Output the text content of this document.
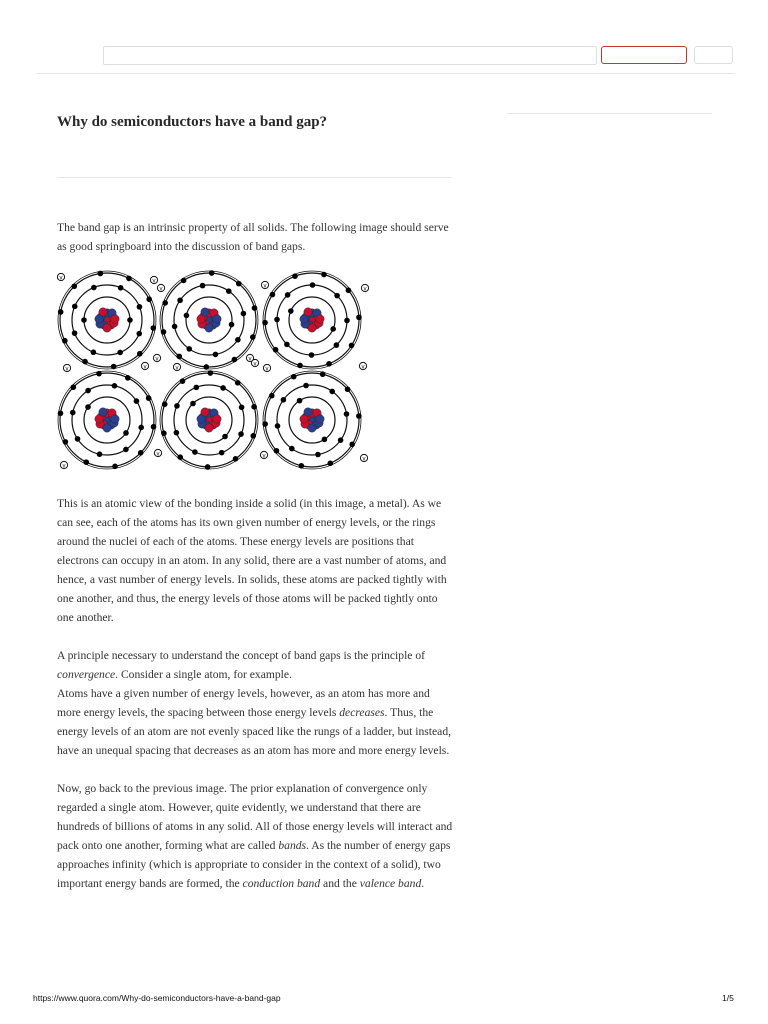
Why do semiconductors have a band gap?

The band gap is an intrinsic property of all solids. The following image should serve as good springboard into the discussion of band gaps.

v	v
v	v	v
v	v	v	v
v	v
v
v	v	v
v
v

This is an atomic view of the bonding inside a solid (in this image, a metal). As we can see, each of the atoms has its own given number of energy levels, or the rings around the nuclei of each of the atoms. These energy levels are positions that electrons can occupy in an atom. In any solid, there are a vast number of atoms, and hence, a vast number of energy levels. In solids, these atoms are packed tightly with one another, and thus, the energy levels of those atoms will be packed tightly onto one another.

A principle necessary to understand the concept of band gaps is the principle of convergence. Consider a single atom, for example.

Atoms have a given number of energy levels, however, as an atom has more and more energy levels, the spacing between those energy levels decreases. Thus, the energy levels of an atom are not evenly spaced like the rungs of a ladder, but instead, have an unequal spacing that decreases as an atom has more and more energy levels.

Now, go back to the previous image. The prior explanation of convergence only regarded a single atom. However, quite evidently, we understand that there are hundreds of billions of atoms in any solid. All of those energy levels will interact and pack onto one another, forming what are called bands. As the number of energy gaps approaches infinity (which is appropriate to consider in the context of a solid), two important energy bands are formed, the conduction band and the valence band.

https://www.quora.com/Why-do-semiconductors-have-a-band-gap	1/5
